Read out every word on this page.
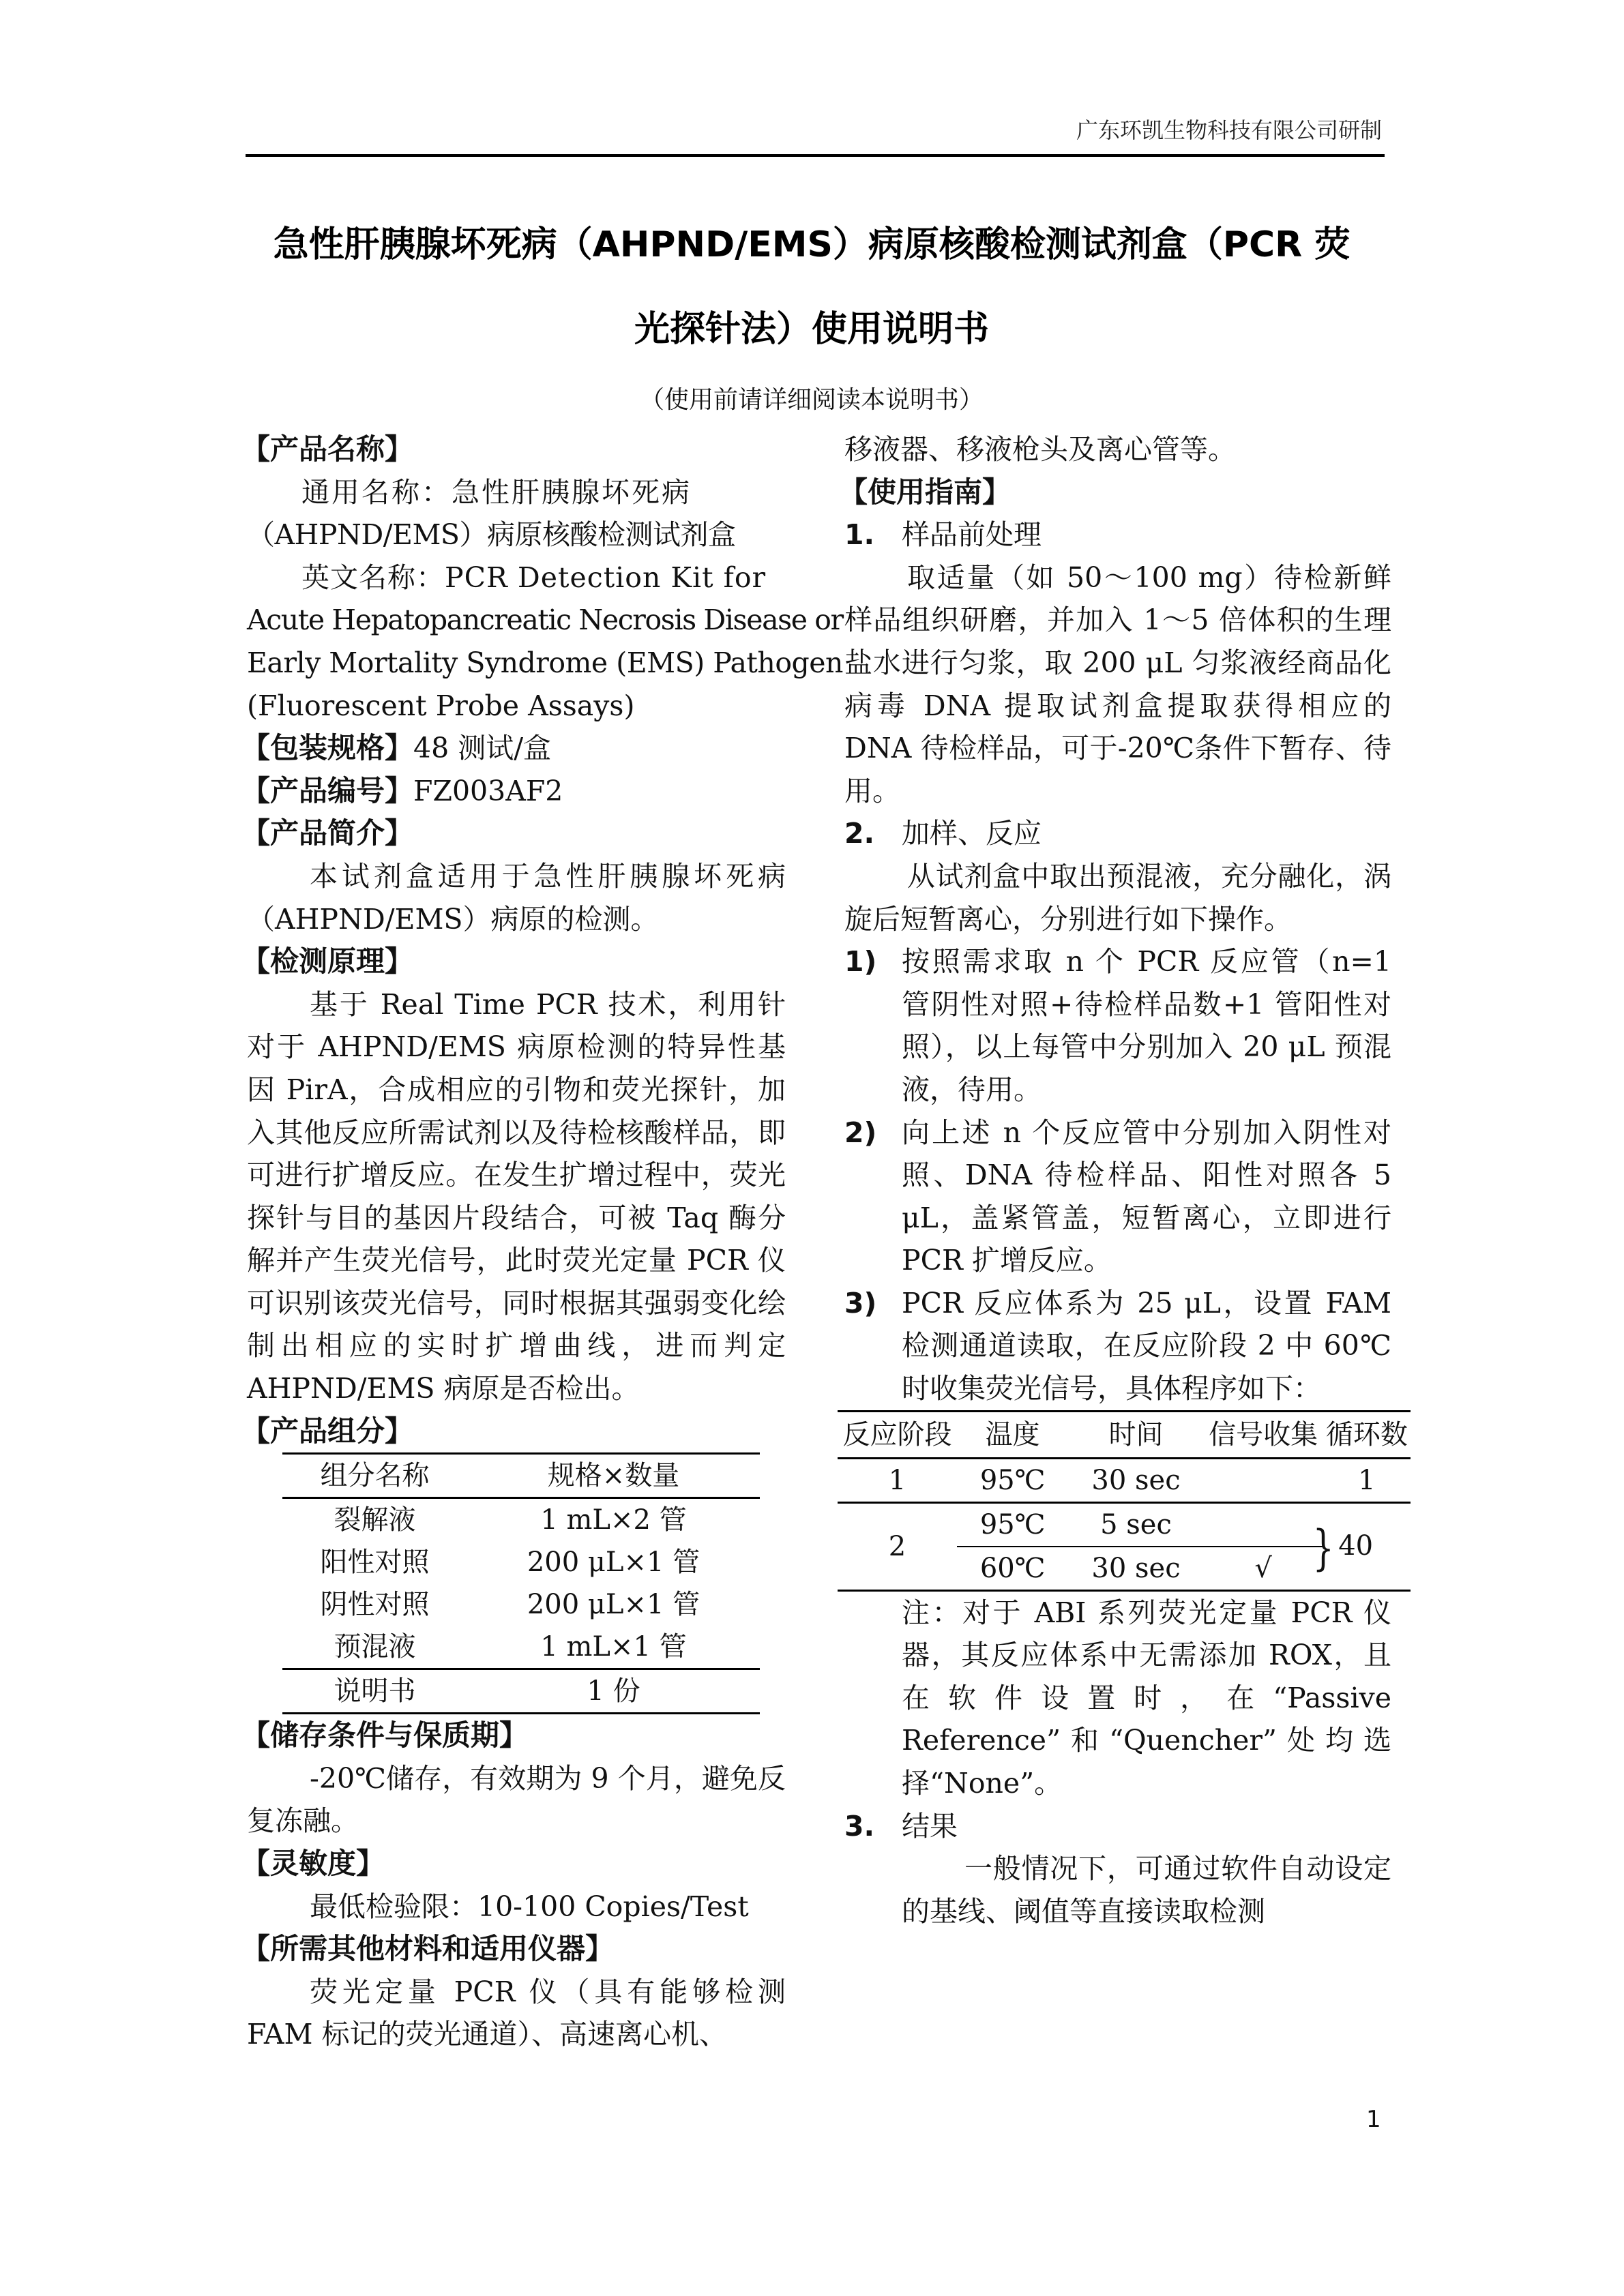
广东环凯生物科技有限公司研制
急性肝胰腺坏死病（AHPND/EMS）病原核酸检测试剂盒（PCR 荧
光探针法）使用说明书
（使用前请详细阅读本说明书）
【产品名称】
通用名称：急性肝胰腺坏死病
（AHPND/EMS）病原核酸检测试剂盒
英文名称：PCR Detection Kit for
Acute Hepatopancreatic Necrosis Disease or
Early Mortality Syndrome (EMS) Pathogen
(Fluorescent Probe Assays)
【包装规格】48 测试/盒
【产品编号】FZ003AF2
【产品简介】
本试剂盒适用于急性肝胰腺坏死病（AHPND/EMS）病原的检测。
【检测原理】
基于 Real Time PCR 技术，利用针对于 AHPND/EMS 病原检测的特异性基因 PirA，合成相应的引物和荧光探针，加入其他反应所需试剂以及待检核酸样品，即可进行扩增反应。在发生扩增过程中，荧光探针与目的基因片段结合，可被 Taq 酶分解并产生荧光信号，此时荧光定量 PCR 仪可识别该荧光信号，同时根据其强弱变化绘制出相应的实时扩增曲线，进而判定 AHPND/EMS 病原是否检出。
【产品组分】
组分名称	规格×数量
裂解液	1 mL×2 管
阳性对照	200 μL×1 管
阴性对照	200 μL×1 管
预混液	1 mL×1 管
说明书	1 份
【储存条件与保质期】
-20℃储存，有效期为 9 个月，避免反复冻融。
【灵敏度】
最低检验限：10-100 Copies/Test
【所需其他材料和适用仪器】
荧光定量 PCR 仪（具有能够检测 FAM 标记的荧光通道）、高速离心机、
移液器、移液枪头及离心管等。
【使用指南】
1. 样品前处理
取适量（如 50～100 mg）待检新鲜样品组织研磨，并加入 1～5 倍体积的生理盐水进行匀浆，取 200 μL 匀浆液经商品化病毒 DNA 提取试剂盒提取获得相应的 DNA 待检样品，可于-20℃条件下暂存、待用。
2. 加样、反应
从试剂盒中取出预混液，充分融化，涡旋后短暂离心，分别进行如下操作。
1) 按照需求取 n 个 PCR 反应管（n=1 管阴性对照+待检样品数+1 管阳性对照），以上每管中分别加入 20 μL 预混液，待用。
2) 向上述 n 个反应管中分别加入阴性对照、DNA 待检样品、阳性对照各 5 μL，盖紧管盖，短暂离心，立即进行 PCR 扩增反应。
3) PCR 反应体系为 25 μL，设置 FAM 检测通道读取，在反应阶段 2 中 60℃时收集荧光信号，具体程序如下：
反应阶段	温度	时间	信号收集	循环数
1	95℃	30 sec		1
2	95℃	5 sec		} 40
	60℃	30 sec	√	
注：对于 ABI 系列荧光定量 PCR 仪器，其反应体系中无需添加 ROX，且在软件设置时，在“Passive Reference”和“Quencher”处均选择“None”。
3. 结果
一般情况下，可通过软件自动设定的基线、阈值等直接读取检测
1
